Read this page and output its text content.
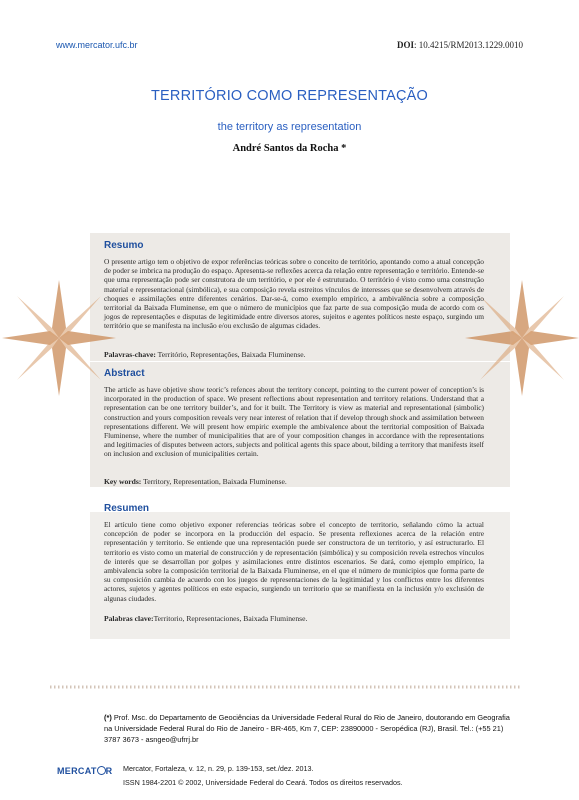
www.mercator.ufc.br	DOI: 10.4215/RM2013.1229.0010
TERRITÓRIO COMO REPRESENTAÇÃO
the territory as representation
André Santos da Rocha *
Resumo
O presente artigo tem o objetivo de expor referências teóricas sobre o conceito de território, apontando como a atual concepção de poder se imbrica na produção do espaço. Apresenta-se reflexões acerca da relação entre representação e território. Entende-se que uma representação pode ser construtora de um território, e por ele é estruturado. O território é visto como uma construção material e representacional (simbólica), e sua composição revela estreitos vínculos de interesses que se desenvolvem através de choques e assimilações entre diferentes cenários. Dar-se-á, como exemplo empírico, a ambivalência sobre a composição territorial da Baixada Fluminense, em que o número de municípios que faz parte de sua composição muda de acordo com os jogos de representações e disputas de legitimidade entre diversos atores, sujeitos e agentes políticos neste espaço, surgindo um território que se manifesta na inclusão e/ou exclusão de algumas cidades.
Palavras-chave: Território, Representações, Baixada Fluminense.
Abstract
The article as have objetive show teoric’s refences about the territory concept, pointing to the current power of conception’s is incorporated in the production of space. We present reflections about representation and territory relations. Understand that a representation can be one territory builder’s, and for it built. The Territory is view as material and representational (simbolic) construction and yours composition reveals very near interest of relation that if develop through shock and assimilation between representations different. We will present how empiric exemple the ambivalence about the territorial composition of Baixada Fluminense, where the number of municipalities that are of your composition changes in accordance with the representations and legitimacies of disputes between actors, subjects and political agents this space about, bilding a territory that manifests itself on inclusion and exclusion of municipalities certain.
Key words: Territory, Representation, Baixada Fluminense.
Resumen
El artículo tiene como objetivo exponer referencias teóricas sobre el concepto de territorio, señalando cómo la actual concepción de poder se incorpora en la producción del espacio. Se presenta reflexiones acerca de la relación entre representación y territorio. Se entiende que una representación puede ser constructora de un territorio, y así estructurarlo. El territorio es visto como un material de construcción y de representación (simbólica) y su composición revela estrechos vínculos de interés que se desarrollan por golpes y asimilaciones entre distintos escenarios. Se dará, como ejemplo empírico, la ambivalencia sobre la composición territorial de la Baixada Fluminense, en el que el número de municipios que forma parte de su composición cambia de acuerdo con los juegos de representaciones de la legitimidad y los conflictos entre los diferentes actores, sujetos y agentes políticos en este espacio, surgiendo un territorio que se manifiesta en la inclusión y/o exclusión de algunas ciudades.
Palabras clave:Territorio, Representaciones, Baixada Fluminense.
(*) Prof. Msc. do Departamento de Geociências da Universidade Federal Rural do Rio de Janeiro, doutorando em Geografia na Universidade Federal Rural do Rio de Janeiro - BR-465, Km 7, CEP: 23890000 - Seropédica (RJ), Brasil. Tel.: (+55 21) 3787 3673 - asngeo@ufrrj.br
MERCAT R Mercator, Fortaleza, v. 12, n. 29, p. 139-153, set./dez. 2013.
ISSN 1984-2201 © 2002, Universidade Federal do Ceará. Todos os direitos reservados.
